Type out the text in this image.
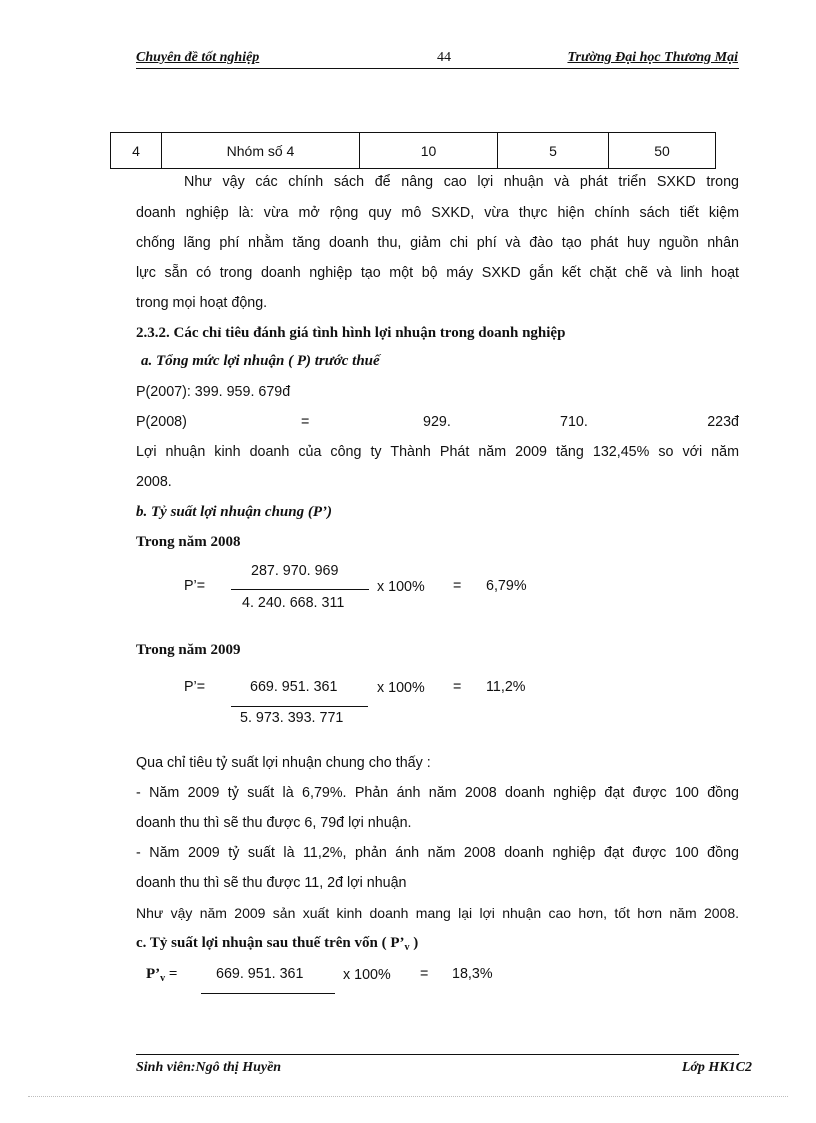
Chuyên đề tốt nghiệp	44	Trường Đại học Thương Mại
4	Nhóm số 4	10	5	50
Như vậy các chính sách để nâng cao lợi nhuận và phát triển SXKD trong
doanh nghiệp là: vừa mở rộng quy mô SXKD, vừa thực hiện chính sách tiết kiệm
chống lãng phí nhằm tăng doanh thu, giảm chi phí và đào tạo phát huy nguồn nhân
lực sẵn có trong doanh nghiệp tạo một bộ máy SXKD gắn kết chặt chẽ và linh hoạt
trong mọi hoạt động.
2.3.2. Các chỉ tiêu đánh giá tình hình lợi nhuận trong doanh nghiệp
a. Tổng mức lợi nhuận ( P) trước thuế
P(2007): 399. 959. 679đ
P(2008)	=	929.	710.	223đ
Lợi nhuận kinh doanh của công ty Thành Phát năm 2009 tăng 132,45% so với năm
2008.
b. Tỷ suất lợi nhuận chung (P’)
Trong năm 2008
P’=
287. 970. 969
4. 240. 668. 311
x 100% = 6,79%
Trong năm 2009
P’=	669. 951. 361
5. 973. 393. 771
x 100% = 11,2%
Qua chỉ tiêu tỷ suất lợi nhuận chung cho thấy :
- Năm 2009 tỷ suất là 6,79%. Phản ánh năm 2008 doanh nghiệp đạt được 100 đồng
doanh thu thì sẽ thu được 6, 79đ lợi nhuận.
- Năm 2009 tỷ suất là 11,2%, phản ánh năm 2008 doanh nghiệp đạt được 100 đồng
doanh thu thì sẽ thu được 11, 2đ lợi nhuận
Như vậy năm 2009 sản xuất kinh doanh mang lại lợi nhuận cao hơn, tốt hơn năm 2008.
c. Tỷ suất lợi nhuận sau thuế trên vốn ( $P’_v$ )
$P’_v$ =	669. 951. 361	x 100% = 18,3%
Sinh viên:Ngô thị Huyền	Lớp HK1C2
